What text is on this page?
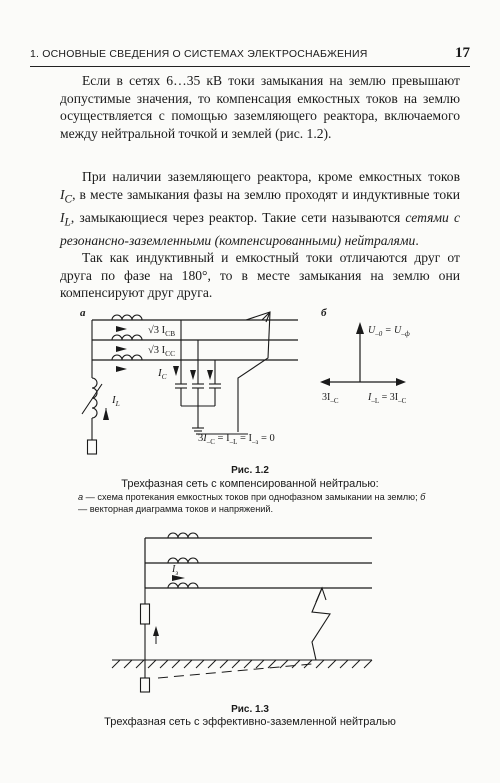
1. ОСНОВНЫЕ СВЕДЕНИЯ О СИСТЕМАХ ЭЛЕКТРОСНАБЖЕНИЯ	17

Если в сетях 6…35 кВ токи замыкания на землю превышают допустимые значения, то компенсация емкостных токов на землю осуществляется с помощью заземляющего реактора, включаемого между нейтральной точкой и землей (рис. 1.2).

При наличии заземляющего реактора, кроме емкостных токов $I_C$, в месте замыкания фазы на землю проходят и индуктивные токи $I_L$, замыкающиеся через реактор. Такие сети называются сетями с резонансно-заземленными (компенсированными) нейтралями.

Так как индуктивный и емкостный токи отличаются друг от друга по фазе на 180°, то в месте замыкания на землю они компенсируют друг друга.

а	б
√3 $I_{CB}$
√3 $I_{CC}$
$I_L$
$I_C$
$3I_{-C} = I_{-L} = I_{-з} = 0$
$U_{-0} = U_{-ф}$
$3I_{-C}$	$I_{-L} = 3I_{-C}$
Рис. 1.2
Трехфазная сеть с компенсированной нейтралью:
а — схема протекания емкостных токов при однофазном замыкании на землю; б — векторная диаграмма токов и напряжений.
$I_з$
Рис. 1.3
Трехфазная сеть с эффективно-заземленной нейтралью
